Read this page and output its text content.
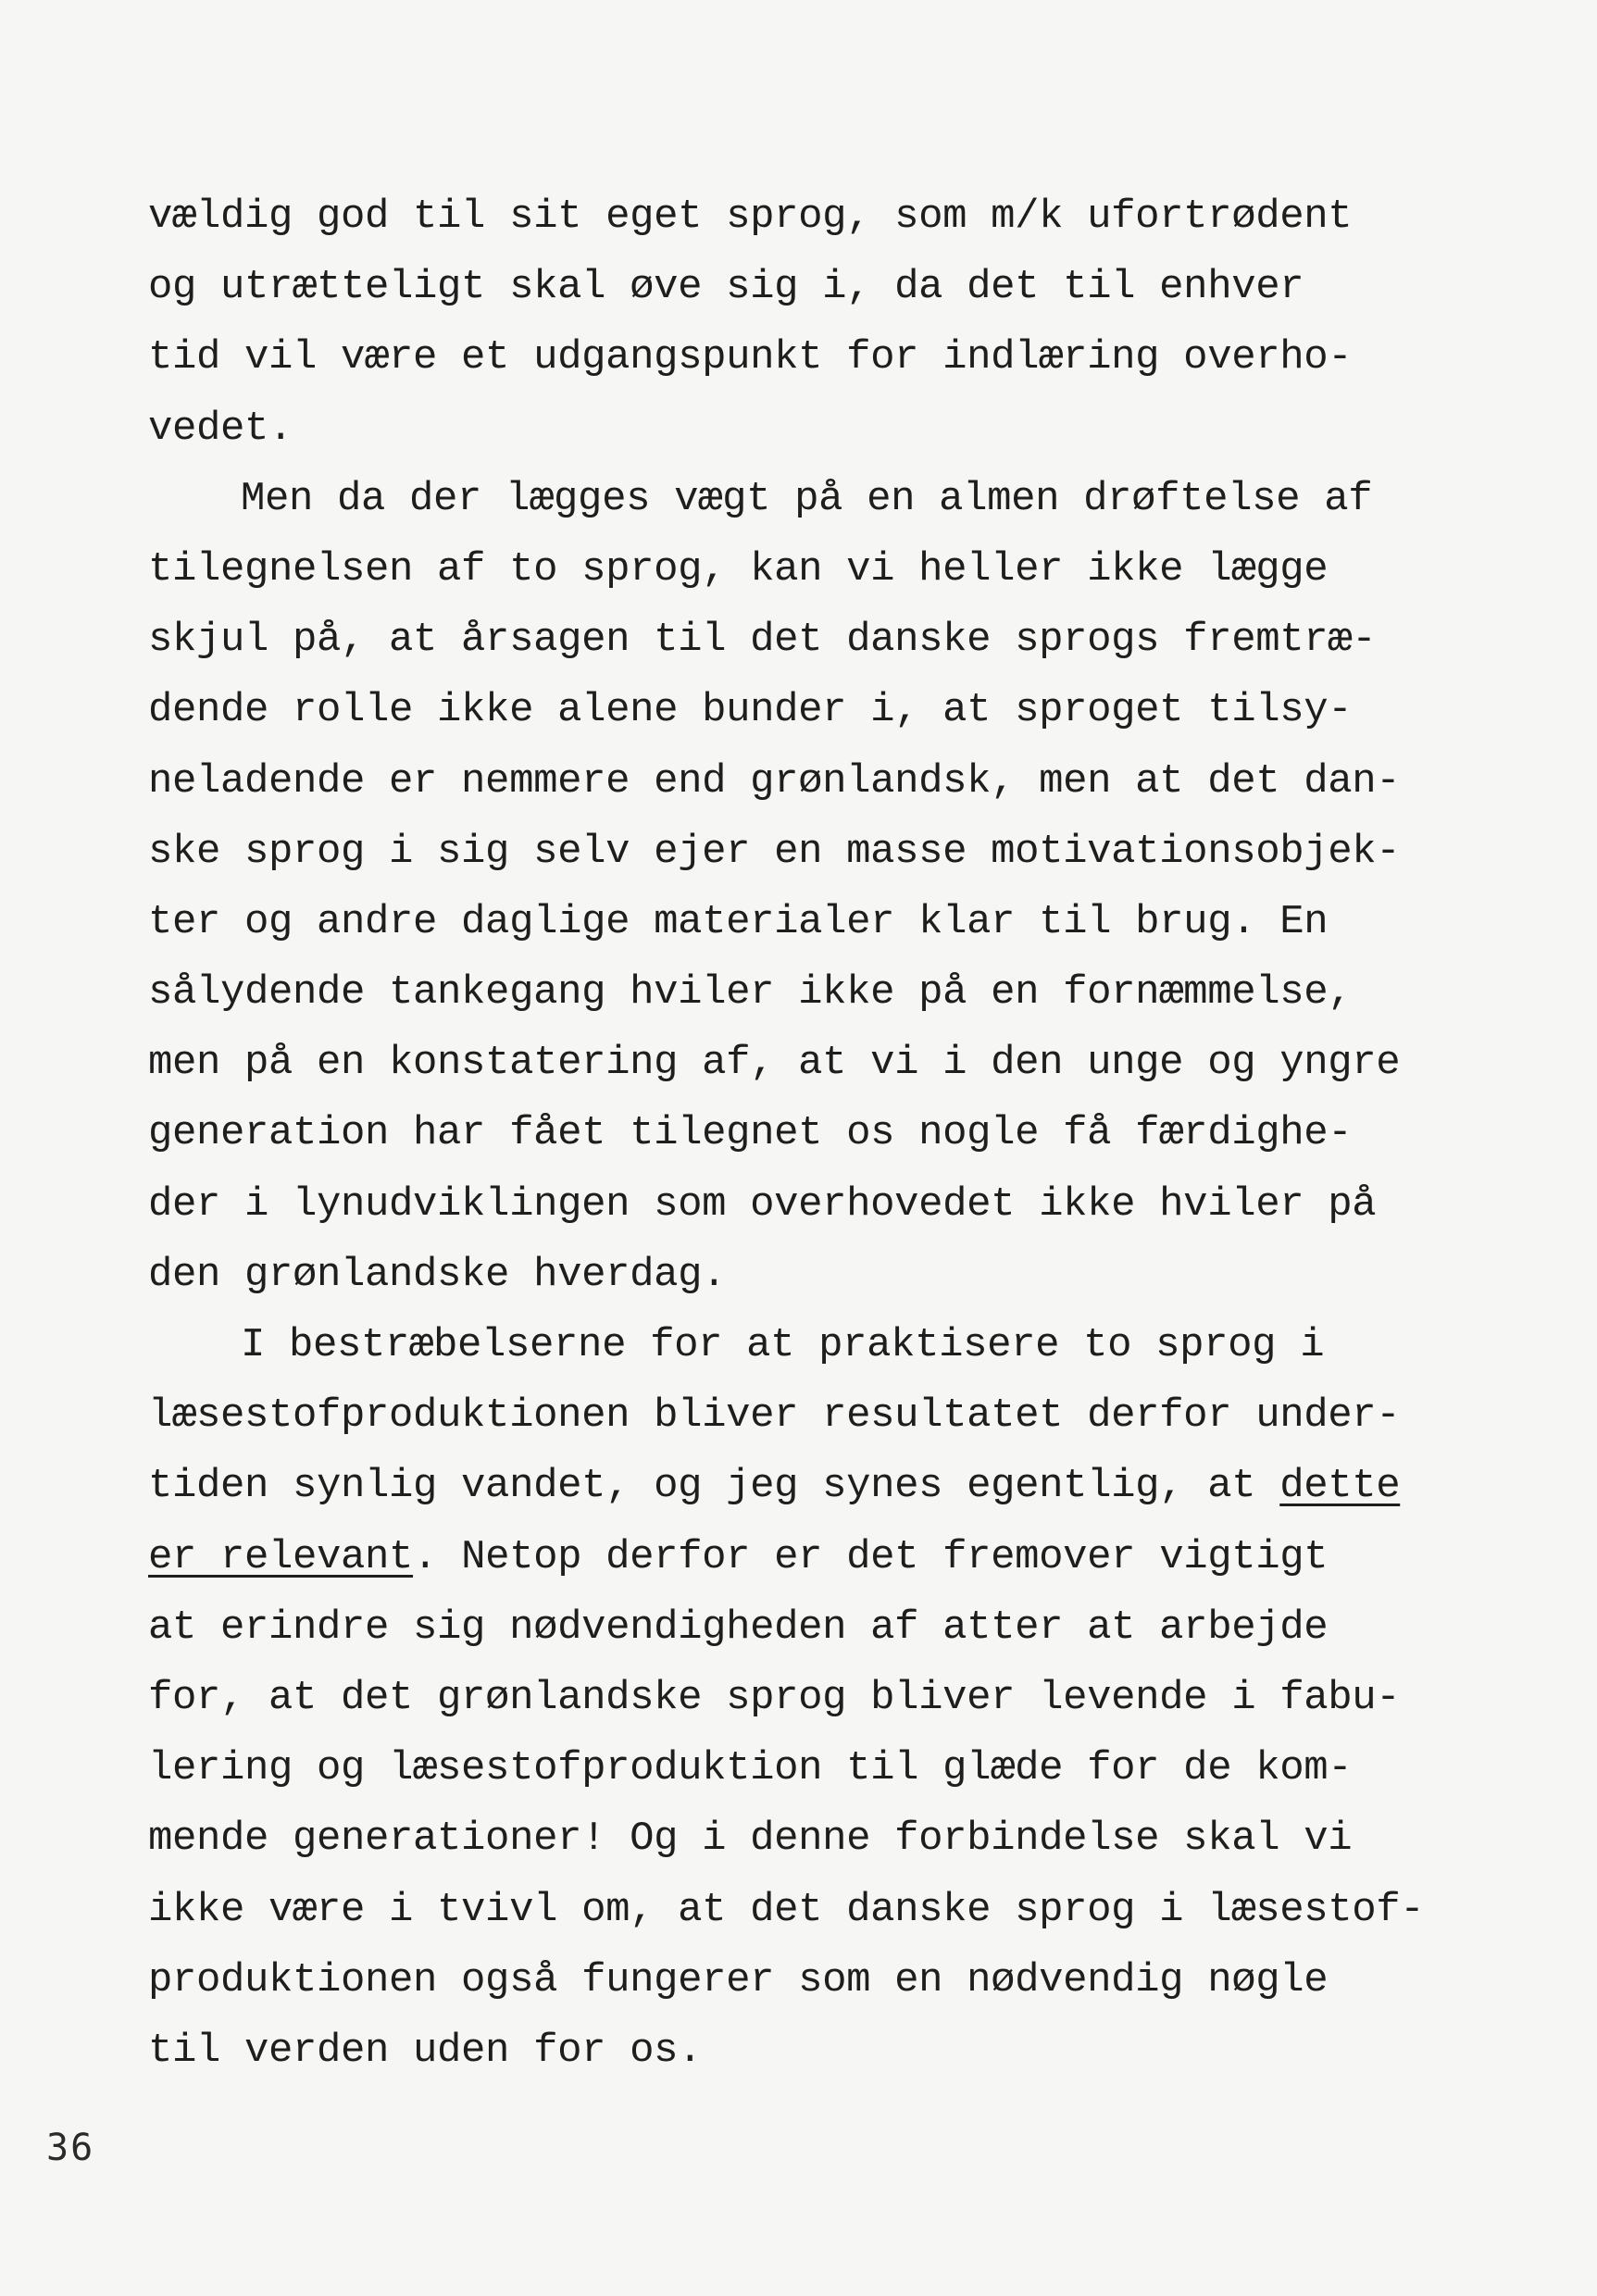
vældig god til sit eget sprog, som m/k ufortrødent
og utrætteligt skal øve sig i, da det til enhver
tid vil være et udgangspunkt for indlæring overho-
vedet.
Men da der lægges vægt på en almen drøftelse af
tilegnelsen af to sprog, kan vi heller ikke lægge
skjul på, at årsagen til det danske sprogs fremtræ-
dende rolle ikke alene bunder i, at sproget tilsy-
neladende er nemmere end grønlandsk, men at det dan-
ske sprog i sig selv ejer en masse motivationsobjek-
ter og andre daglige materialer klar til brug. En
sålydende tankegang hviler ikke på en fornæmmelse,
men på en konstatering af, at vi i den unge og yngre
generation har fået tilegnet os nogle få færdighe-
der i lynudviklingen som overhovedet ikke hviler på
den grønlandske hverdag.
I bestræbelserne for at praktisere to sprog i
læsestofproduktionen bliver resultatet derfor under-
tiden synlig vandet, og jeg synes egentlig, at dette
er relevant. Netop derfor er det fremover vigtigt
at erindre sig nødvendigheden af atter at arbejde
for, at det grønlandske sprog bliver levende i fabu-
lering og læsestofproduktion til glæde for de kom-
mende generationer! Og i denne forbindelse skal vi
ikke være i tvivl om, at det danske sprog i læsestof-
produktionen også fungerer som en nødvendig nøgle
til verden uden for os.
36
